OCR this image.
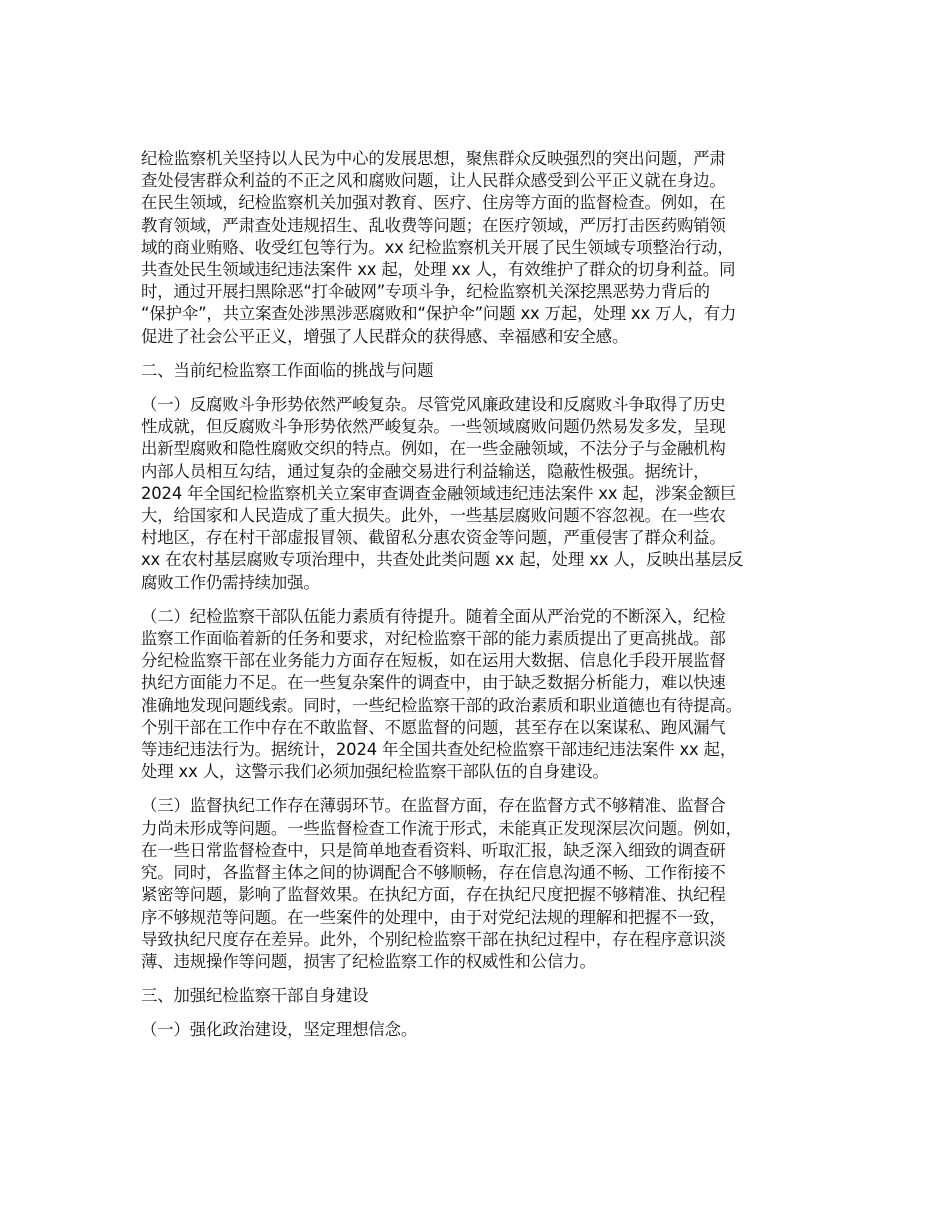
纪检监察机关坚持以人民为中心的发展思想，聚焦群众反映强烈的突出问题，严肃
查处侵害群众利益的不正之风和腐败问题，让人民群众感受到公平正义就在身边。
在民生领域，纪检监察机关加强对教育、医疗、住房等方面的监督检查。例如，在
教育领域，严肃查处违规招生、乱收费等问题；在医疗领域，严厉打击医药购销领
域的商业贿赂、收受红包等行为。xx 纪检监察机关开展了民生领域专项整治行动，
共查处民生领域违纪违法案件 xx 起，处理 xx 人，有效维护了群众的切身利益。同
时，通过开展扫黑除恶“打伞破网”专项斗争，纪检监察机关深挖黑恶势力背后的
“保护伞”，共立案查处涉黑涉恶腐败和“保护伞”问题 xx 万起，处理 xx 万人，有力
促进了社会公平正义，增强了人民群众的获得感、幸福感和安全感。
二、当前纪检监察工作面临的挑战与问题
（一）反腐败斗争形势依然严峻复杂。尽管党风廉政建设和反腐败斗争取得了历史
性成就，但反腐败斗争形势依然严峻复杂。一些领域腐败问题仍然易发多发，呈现
出新型腐败和隐性腐败交织的特点。例如，在一些金融领域，不法分子与金融机构
内部人员相互勾结，通过复杂的金融交易进行利益输送，隐蔽性极强。据统计，
2024 年全国纪检监察机关立案审查调查金融领域违纪违法案件 xx 起，涉案金额巨
大，给国家和人民造成了重大损失。此外，一些基层腐败问题不容忽视。在一些农
村地区，存在村干部虚报冒领、截留私分惠农资金等问题，严重侵害了群众利益。
xx 在农村基层腐败专项治理中，共查处此类问题 xx 起，处理 xx 人，反映出基层反
腐败工作仍需持续加强。
（二）纪检监察干部队伍能力素质有待提升。随着全面从严治党的不断深入，纪检
监察工作面临着新的任务和要求，对纪检监察干部的能力素质提出了更高挑战。部
分纪检监察干部在业务能力方面存在短板，如在运用大数据、信息化手段开展监督
执纪方面能力不足。在一些复杂案件的调查中，由于缺乏数据分析能力，难以快速
准确地发现问题线索。同时，一些纪检监察干部的政治素质和职业道德也有待提高。
个别干部在工作中存在不敢监督、不愿监督的问题，甚至存在以案谋私、跑风漏气
等违纪违法行为。据统计，2024 年全国共查处纪检监察干部违纪违法案件 xx 起，
处理 xx 人，这警示我们必须加强纪检监察干部队伍的自身建设。
（三）监督执纪工作存在薄弱环节。在监督方面，存在监督方式不够精准、监督合
力尚未形成等问题。一些监督检查工作流于形式，未能真正发现深层次问题。例如，
在一些日常监督检查中，只是简单地查看资料、听取汇报，缺乏深入细致的调查研
究。同时，各监督主体之间的协调配合不够顺畅，存在信息沟通不畅、工作衔接不
紧密等问题，影响了监督效果。在执纪方面，存在执纪尺度把握不够精准、执纪程
序不够规范等问题。在一些案件的处理中，由于对党纪法规的理解和把握不一致，
导致执纪尺度存在差异。此外，个别纪检监察干部在执纪过程中，存在程序意识淡
薄、违规操作等问题，损害了纪检监察工作的权威性和公信力。
三、加强纪检监察干部自身建设
（一）强化政治建设，坚定理想信念。
